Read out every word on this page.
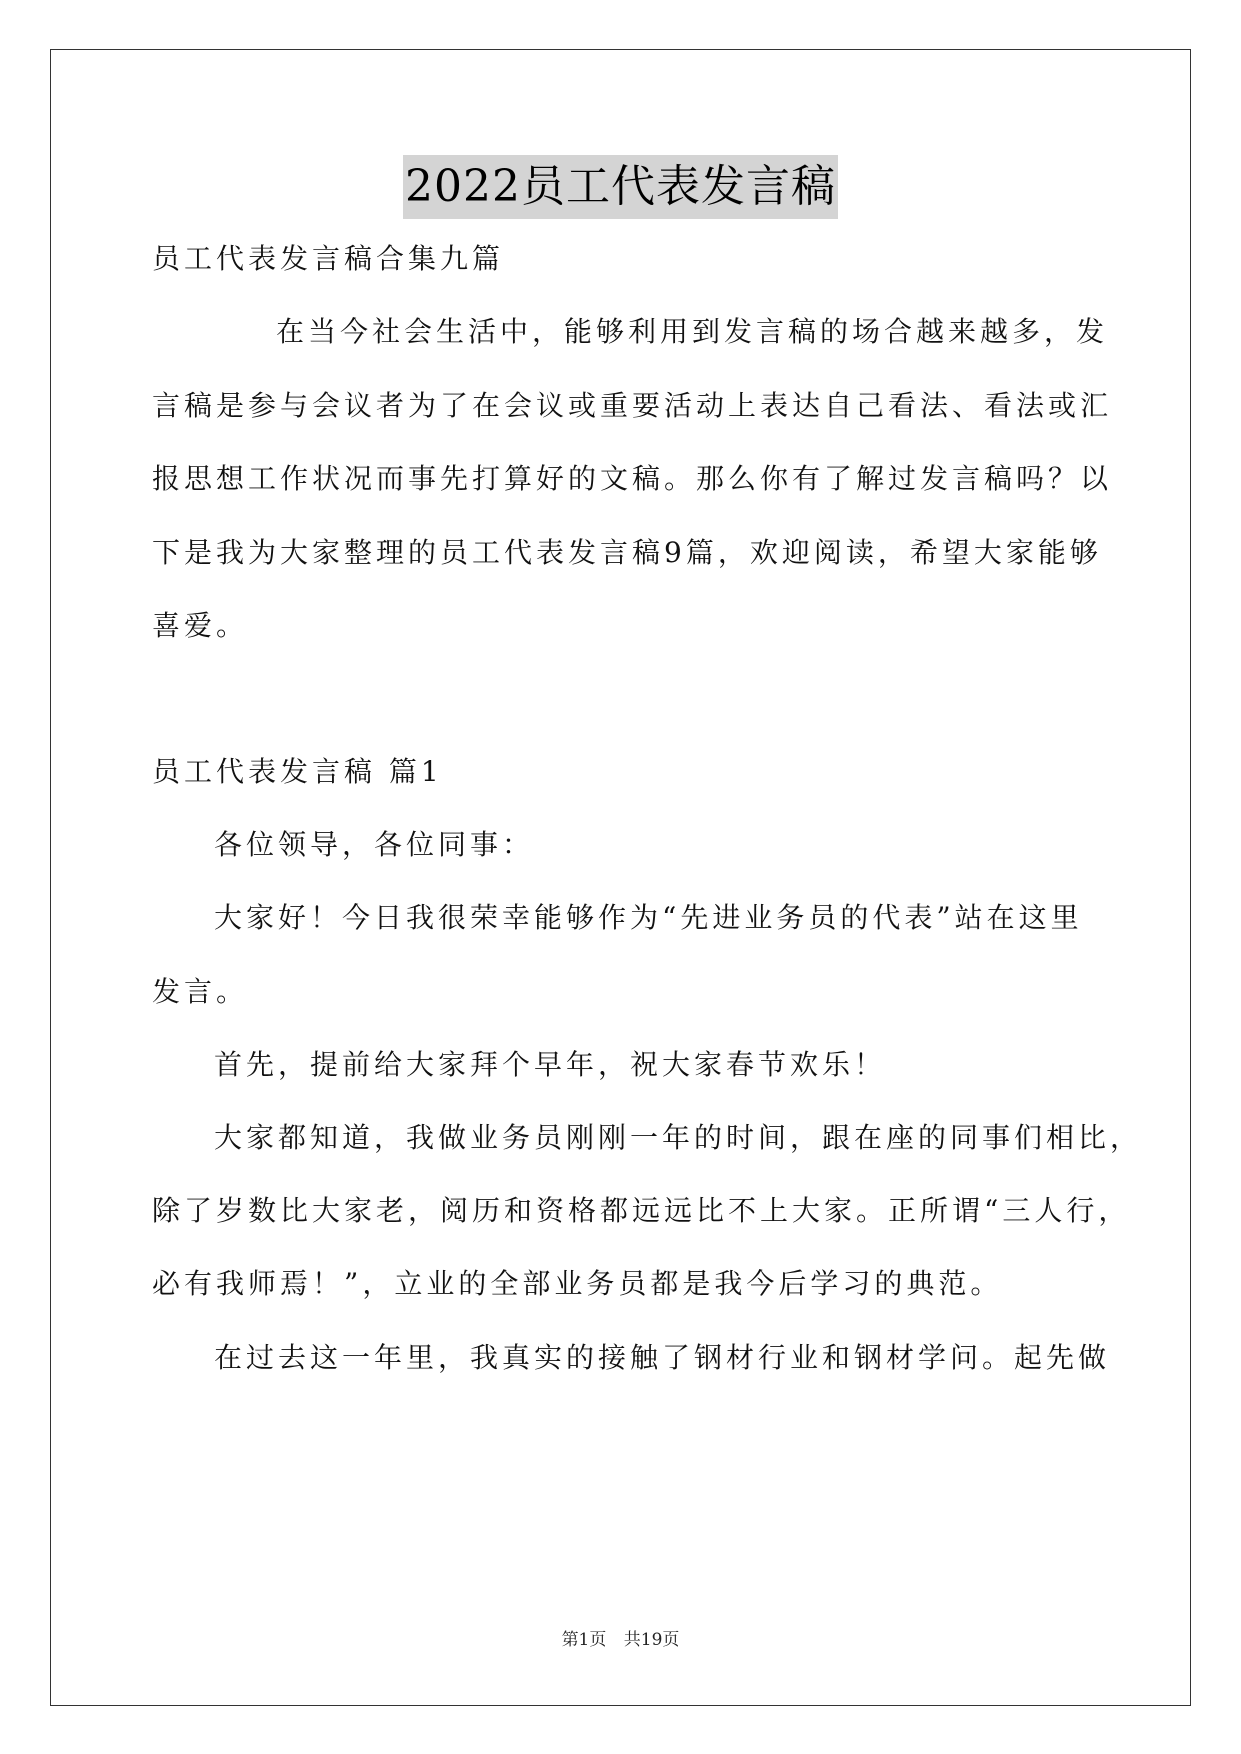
2022员工代表发言稿
员工代表发言稿合集九篇
在当今社会生活中，能够利用到发言稿的场合越来越多，发
言稿是参与会议者为了在会议或重要活动上表达自己看法、看法或汇
报思想工作状况而事先打算好的文稿。那么你有了解过发言稿吗？以
下是我为大家整理的员工代表发言稿9篇，欢迎阅读，希望大家能够
喜爱。
员工代表发言稿 篇1
各位领导，各位同事：
大家好！今日我很荣幸能够作为“先进业务员的代表”站在这里
发言。
首先，提前给大家拜个早年，祝大家春节欢乐！
大家都知道，我做业务员刚刚一年的时间，跟在座的同事们相比，
除了岁数比大家老，阅历和资格都远远比不上大家。正所谓“三人行，
必有我师焉！”，立业的全部业务员都是我今后学习的典范。
在过去这一年里，我真实的接触了钢材行业和钢材学问。起先做
第1页 共19页
